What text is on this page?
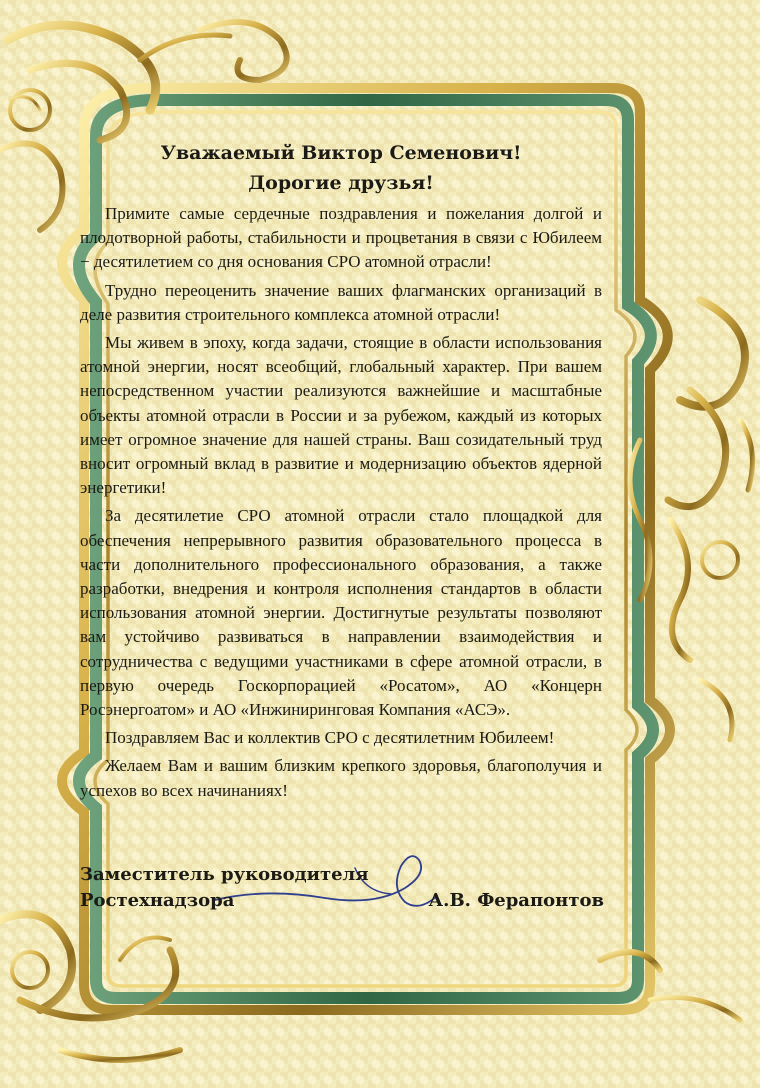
Уважаемый Виктор Семенович!

Дорогие друзья!

Примите самые сердечные поздравления и пожелания долгой и плодотворной работы, стабильности и процветания в связи с Юбилеем − десятилетием со дня основания СРО атомной отрасли!

Трудно переоценить значение ваших флагманских организаций в деле развития строительного комплекса атомной отрасли!

Мы живем в эпоху, когда задачи, стоящие в области использования атомной энергии, носят всеобщий, глобальный характер. При вашем непосредственном участии реализуются важнейшие и масштабные объекты атомной отрасли в России и за рубежом, каждый из которых имеет огромное значение для нашей страны. Ваш созидательный труд вносит огромный вклад в развитие и модернизацию объектов ядерной энергетики!

За десятилетие СРО атомной отрасли стало площадкой для обеспечения непрерывного развития образовательного процесса в части дополнительного профессионального образования, а также разработки, внедрения и контроля исполнения стандартов в области использования атомной энергии. Достигнутые результаты позволяют вам устойчиво развиваться в направлении взаимодействия и сотрудничества с ведущими участниками в сфере атомной отрасли, в первую очередь Госкорпорацией «Росатом», АО «Концерн Росэнергоатом» и АО «Инжиниринговая Компания «АСЭ».

Поздравляем Вас и коллектив СРО с десятилетним Юбилеем!

Желаем Вам и вашим близким крепкого здоровья, благополучия и успехов во всех начинаниях!

Заместитель руководителя
Ростехнадзора	А.В. Ферапонтов
